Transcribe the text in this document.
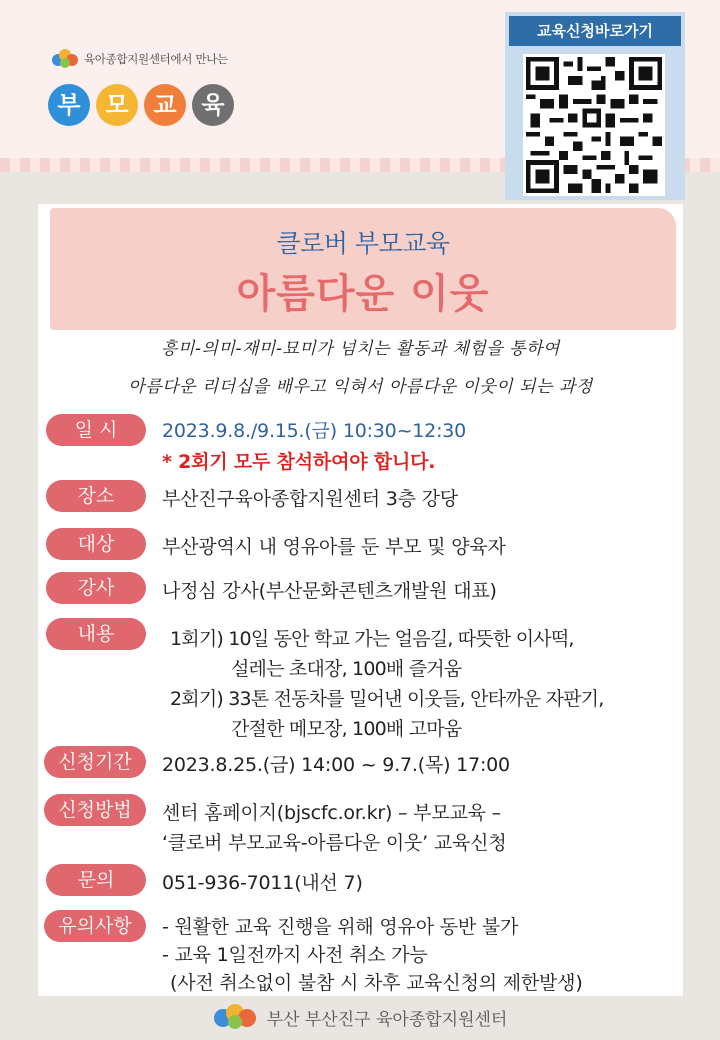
육아종합지원센터에서 만나는
부	모	교	육
교육신청바로가기
클로버 부모교육
아름다운 이웃
흥미-의미-재미-묘미가 넘치는 활동과 체험을 통하여
아름다운 리더십을 배우고 익혀서 아름다운 이웃이 되는 과정
일 시	2023.9.8./9.15.(금) 10:30~12:30
* 2회기 모두 참석하여야 합니다.
장소	부산진구육아종합지원센터 3층 강당
대상	부산광역시 내 영유아를 둔 부모 및 양육자
강사	나정심 강사(부산문화콘텐츠개발원 대표)
내용	1회기) 10일 동안 학교 가는 얼음길, 따뜻한 이사떡,
설레는 초대장, 100배 즐거움
2회기) 33톤 전동차를 밀어낸 이웃들, 안타까운 자판기,
간절한 메모장, 100배 고마움
신청기간	2023.8.25.(금) 14:00 ~ 9.7.(목) 17:00
신청방법	센터 홈페이지(bjscfc.or.kr) – 부모교육 –
‘클로버 부모교육-아름다운 이웃’ 교육신청
문의	051-936-7011(내선 7)
유의사항	- 원활한 교육 진행을 위해 영유아 동반 불가
- 교육 1일전까지 사전 취소 가능
(사전 취소없이 불참 시 차후 교육신청의 제한발생)
부산 부산진구 육아종합지원센터
